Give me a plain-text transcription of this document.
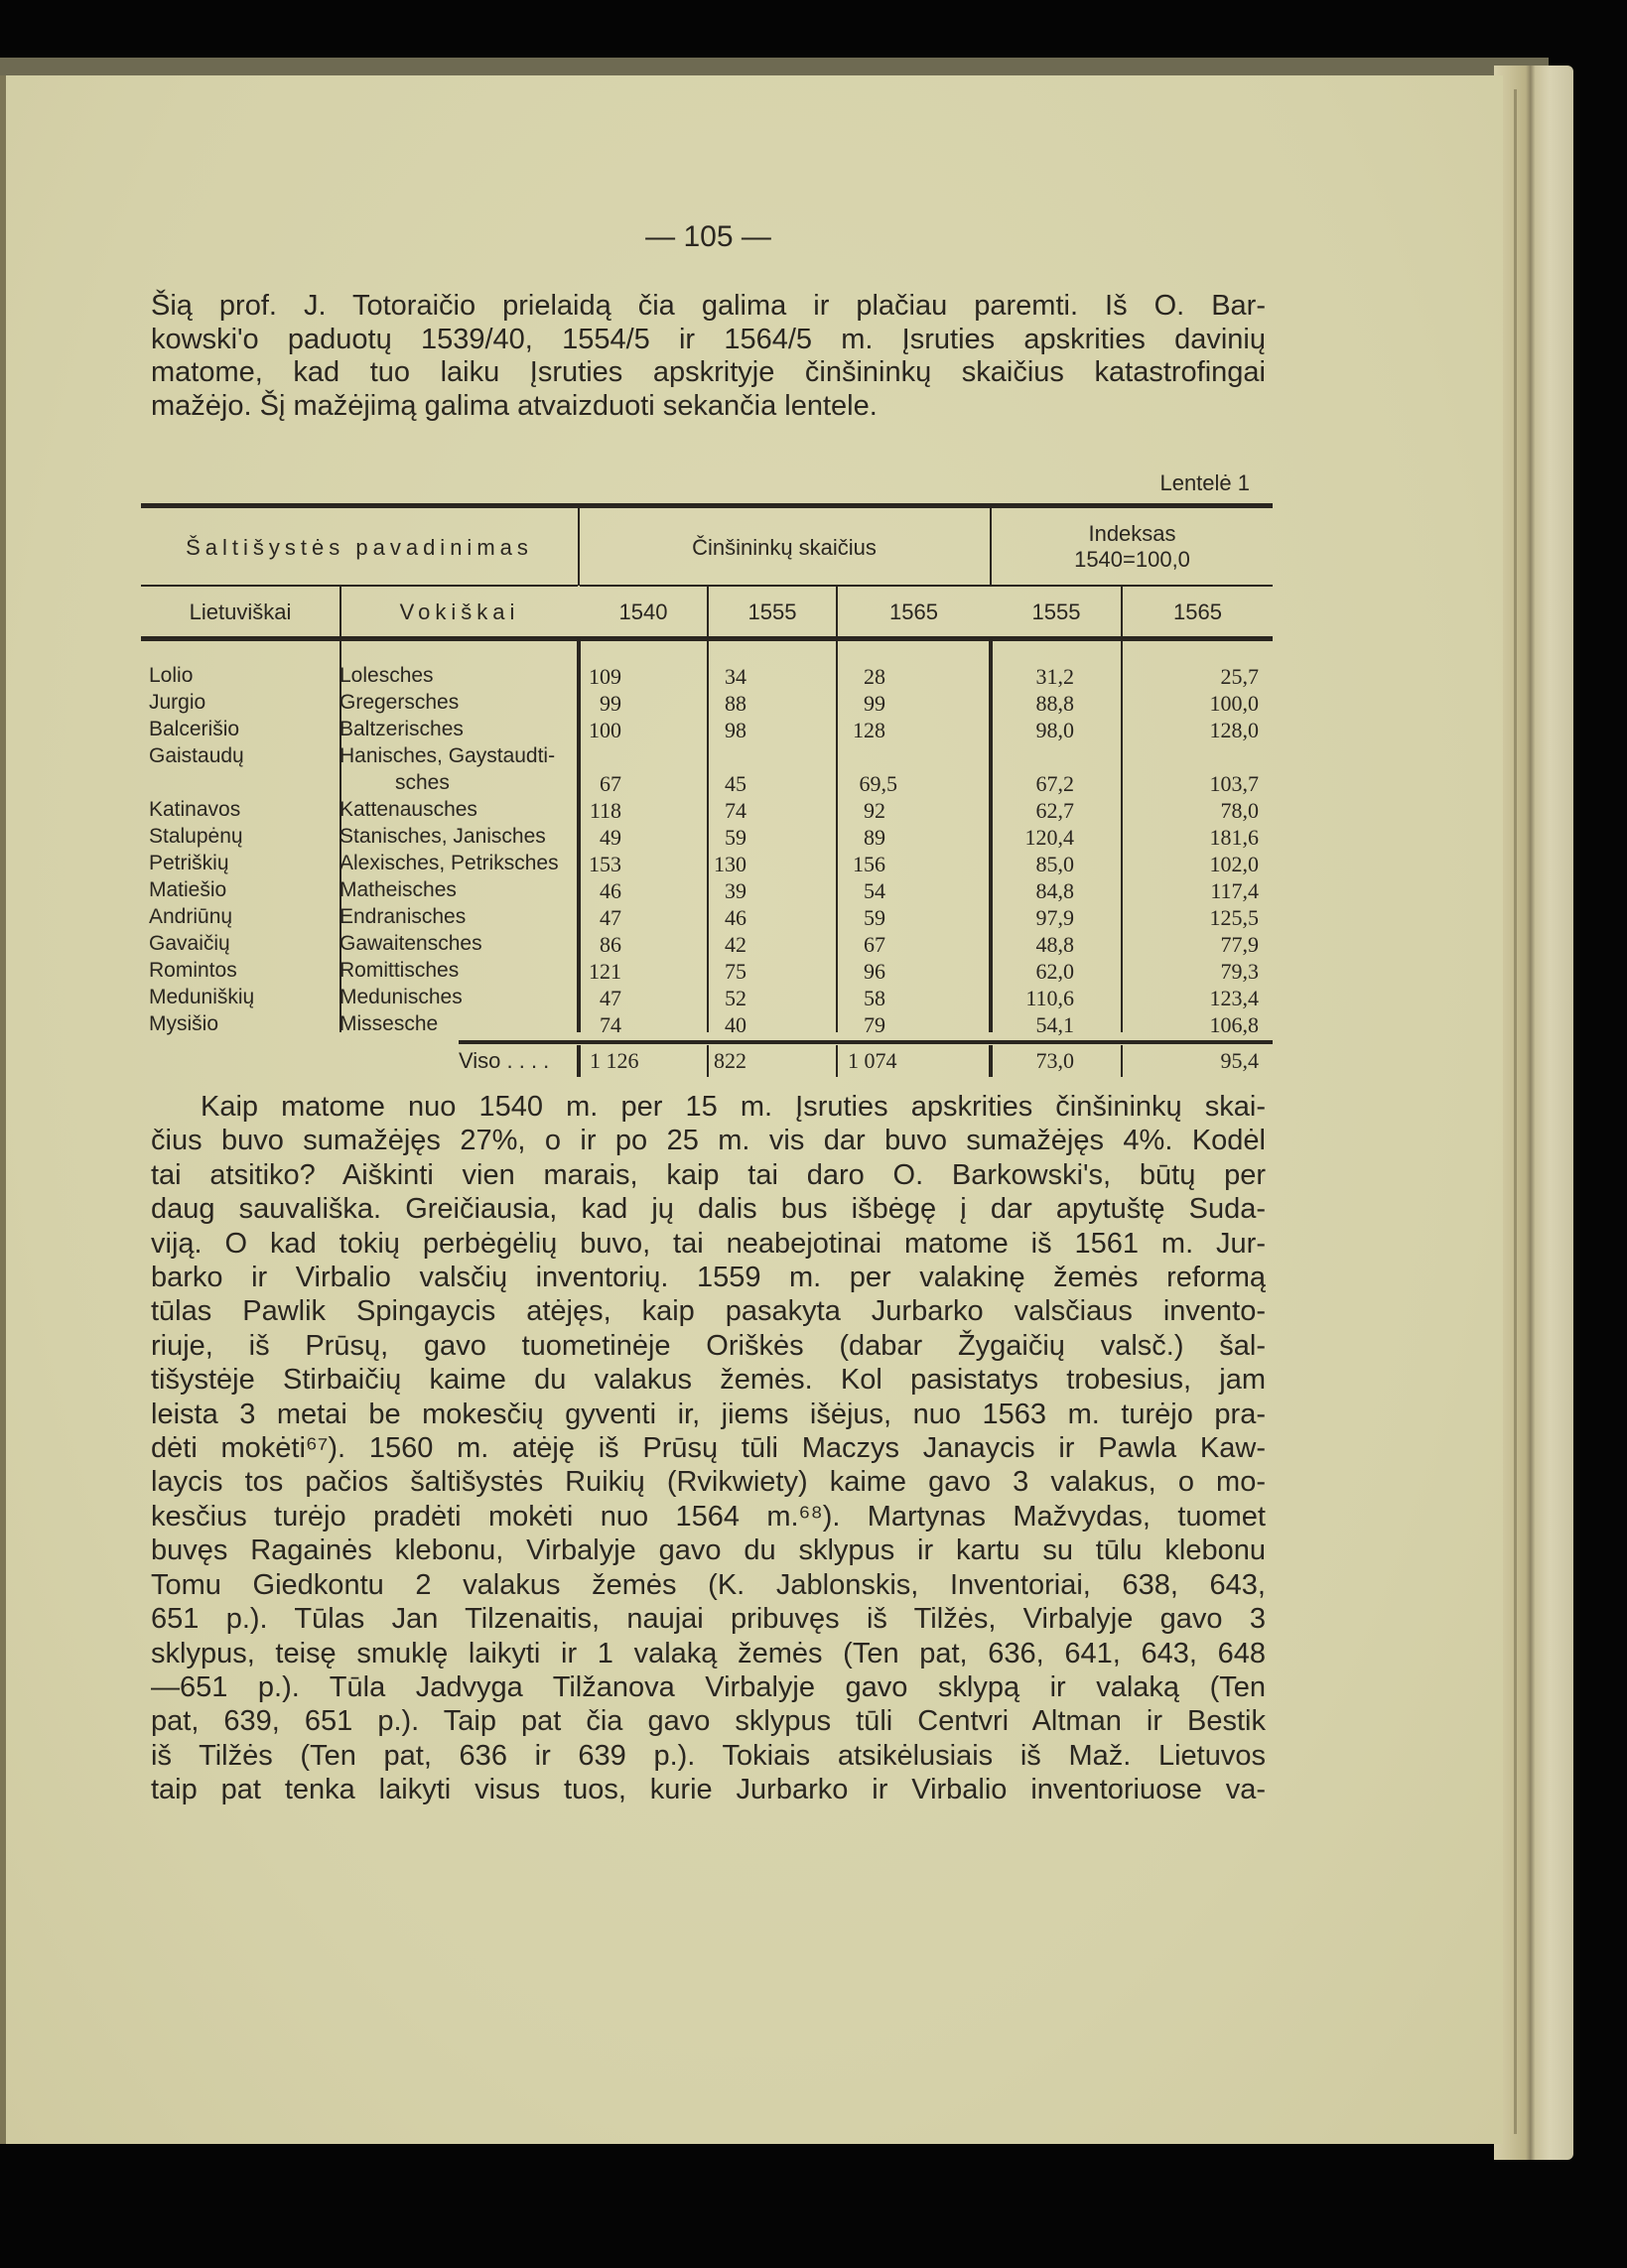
— 105 —
Šią prof. J. Totoraičio prielaidą čia galima ir plačiau paremti. Iš O. Bar-
kowski'o paduotų 1539/40, 1554/5 ir 1564/5 m. Įsruties apskrities davinių
matome, kad tuo laiku Įsruties apskrityje činšininkų skaičius katastrofingai
mažėjo. Šį mažėjimą galima atvaizduoti sekančia lentele.
Lentelė 1
Šaltišystės pavadinimas	Činšininkų skaičius
Indeksas
1540=100,0
Lietuviškai	Vokiškai	1540	1555	1565	1555	1565
Lolio	Lolesches	109	34	28	31,2	25,7
Jurgio	Gregersches	99	88	99	88,8	100,0
Balcerišio	Baltzerisches	100	98	128	98,0	128,0
Gaistaudų	Hanisches, Gaystaudti-
sches	67	45	69,5	67,2	103,7
Katinavos	Kattenausches	118	74	92	62,7	78,0
Stalupėnų	Stanisches, Janisches 49	59	89	120,4	181,6
Petriškių	Alexisches, Petriksches 153	130	156	85,0	102,0
Matiešio	Matheisches	46	39	54	84,8	117,4
Andriūnų	Endranisches	47	46	59	97,9	125,5
Gavaičių	Gawaitensches	86	42	67	48,8	77,9
Romintos	Romittisches	121	75	96	62,0	79,3
Meduniškių	Medunisches	47	52	58	110,6	123,4
Mysišio	Missesche	74	40	79	54,1	106,8
Viso . . . . 1 126	822	1 074	73,0	95,4
Kaip matome nuo 1540 m. per 15 m. Įsruties apskrities činšininkų skai-
čius buvo sumažėjęs 27%, o ir po 25 m. vis dar buvo sumažėjęs 4%. Kodėl
tai atsitiko? Aiškinti vien marais, kaip tai daro O. Barkowski's, būtų per
daug sauvališka. Greičiausia, kad jų dalis bus išbėgę į dar apytuštę Suda-
viją. O kad tokių perbėgėlių buvo, tai neabejotinai matome iš 1561 m. Jur-
barko ir Virbalio valsčių inventorių. 1559 m. per valakinę žemės reformą
tūlas Pawlik Spingaycis atėjęs, kaip pasakyta Jurbarko valsčiaus invento-
riuje, iš Prūsų, gavo tuometinėje Oriškės (dabar Žygaičių valsč.) šal-
tišystėje Stirbaičių kaime du valakus žemės. Kol pasistatys trobesius, jam
leista 3 metai be mokesčių gyventi ir, jiems išėjus, nuo 1563 m. turėjo pra-
dėti mokėti⁶⁷). 1560 m. atėję iš Prūsų tūli Maczys Janaycis ir Pawla Kaw-
laycis tos pačios šaltišystės Ruikių (Rvikwiety) kaime gavo 3 valakus, o mo-
kesčius turėjo pradėti mokėti nuo 1564 m.⁶⁸). Martynas Mažvydas, tuomet
buvęs Ragainės klebonu, Virbalyje gavo du sklypus ir kartu su tūlu klebonu
Tomu Giedkontu 2 valakus žemės (K. Jablonskis, Inventoriai, 638, 643,
651 p.). Tūlas Jan Tilzenaitis, naujai pribuvęs iš Tilžės, Virbalyje gavo 3
sklypus, teisę smuklę laikyti ir 1 valaką žemės (Ten pat, 636, 641, 643, 648
—651 p.). Tūla Jadvyga Tilžanova Virbalyje gavo sklypą ir valaką (Ten
pat, 639, 651 p.). Taip pat čia gavo sklypus tūli Centvri Altman ir Bestik
iš Tilžės (Ten pat, 636 ir 639 p.). Tokiais atsikėlusiais iš Maž. Lietuvos
taip pat tenka laikyti visus tuos, kurie Jurbarko ir Virbalio inventoriuose va-
